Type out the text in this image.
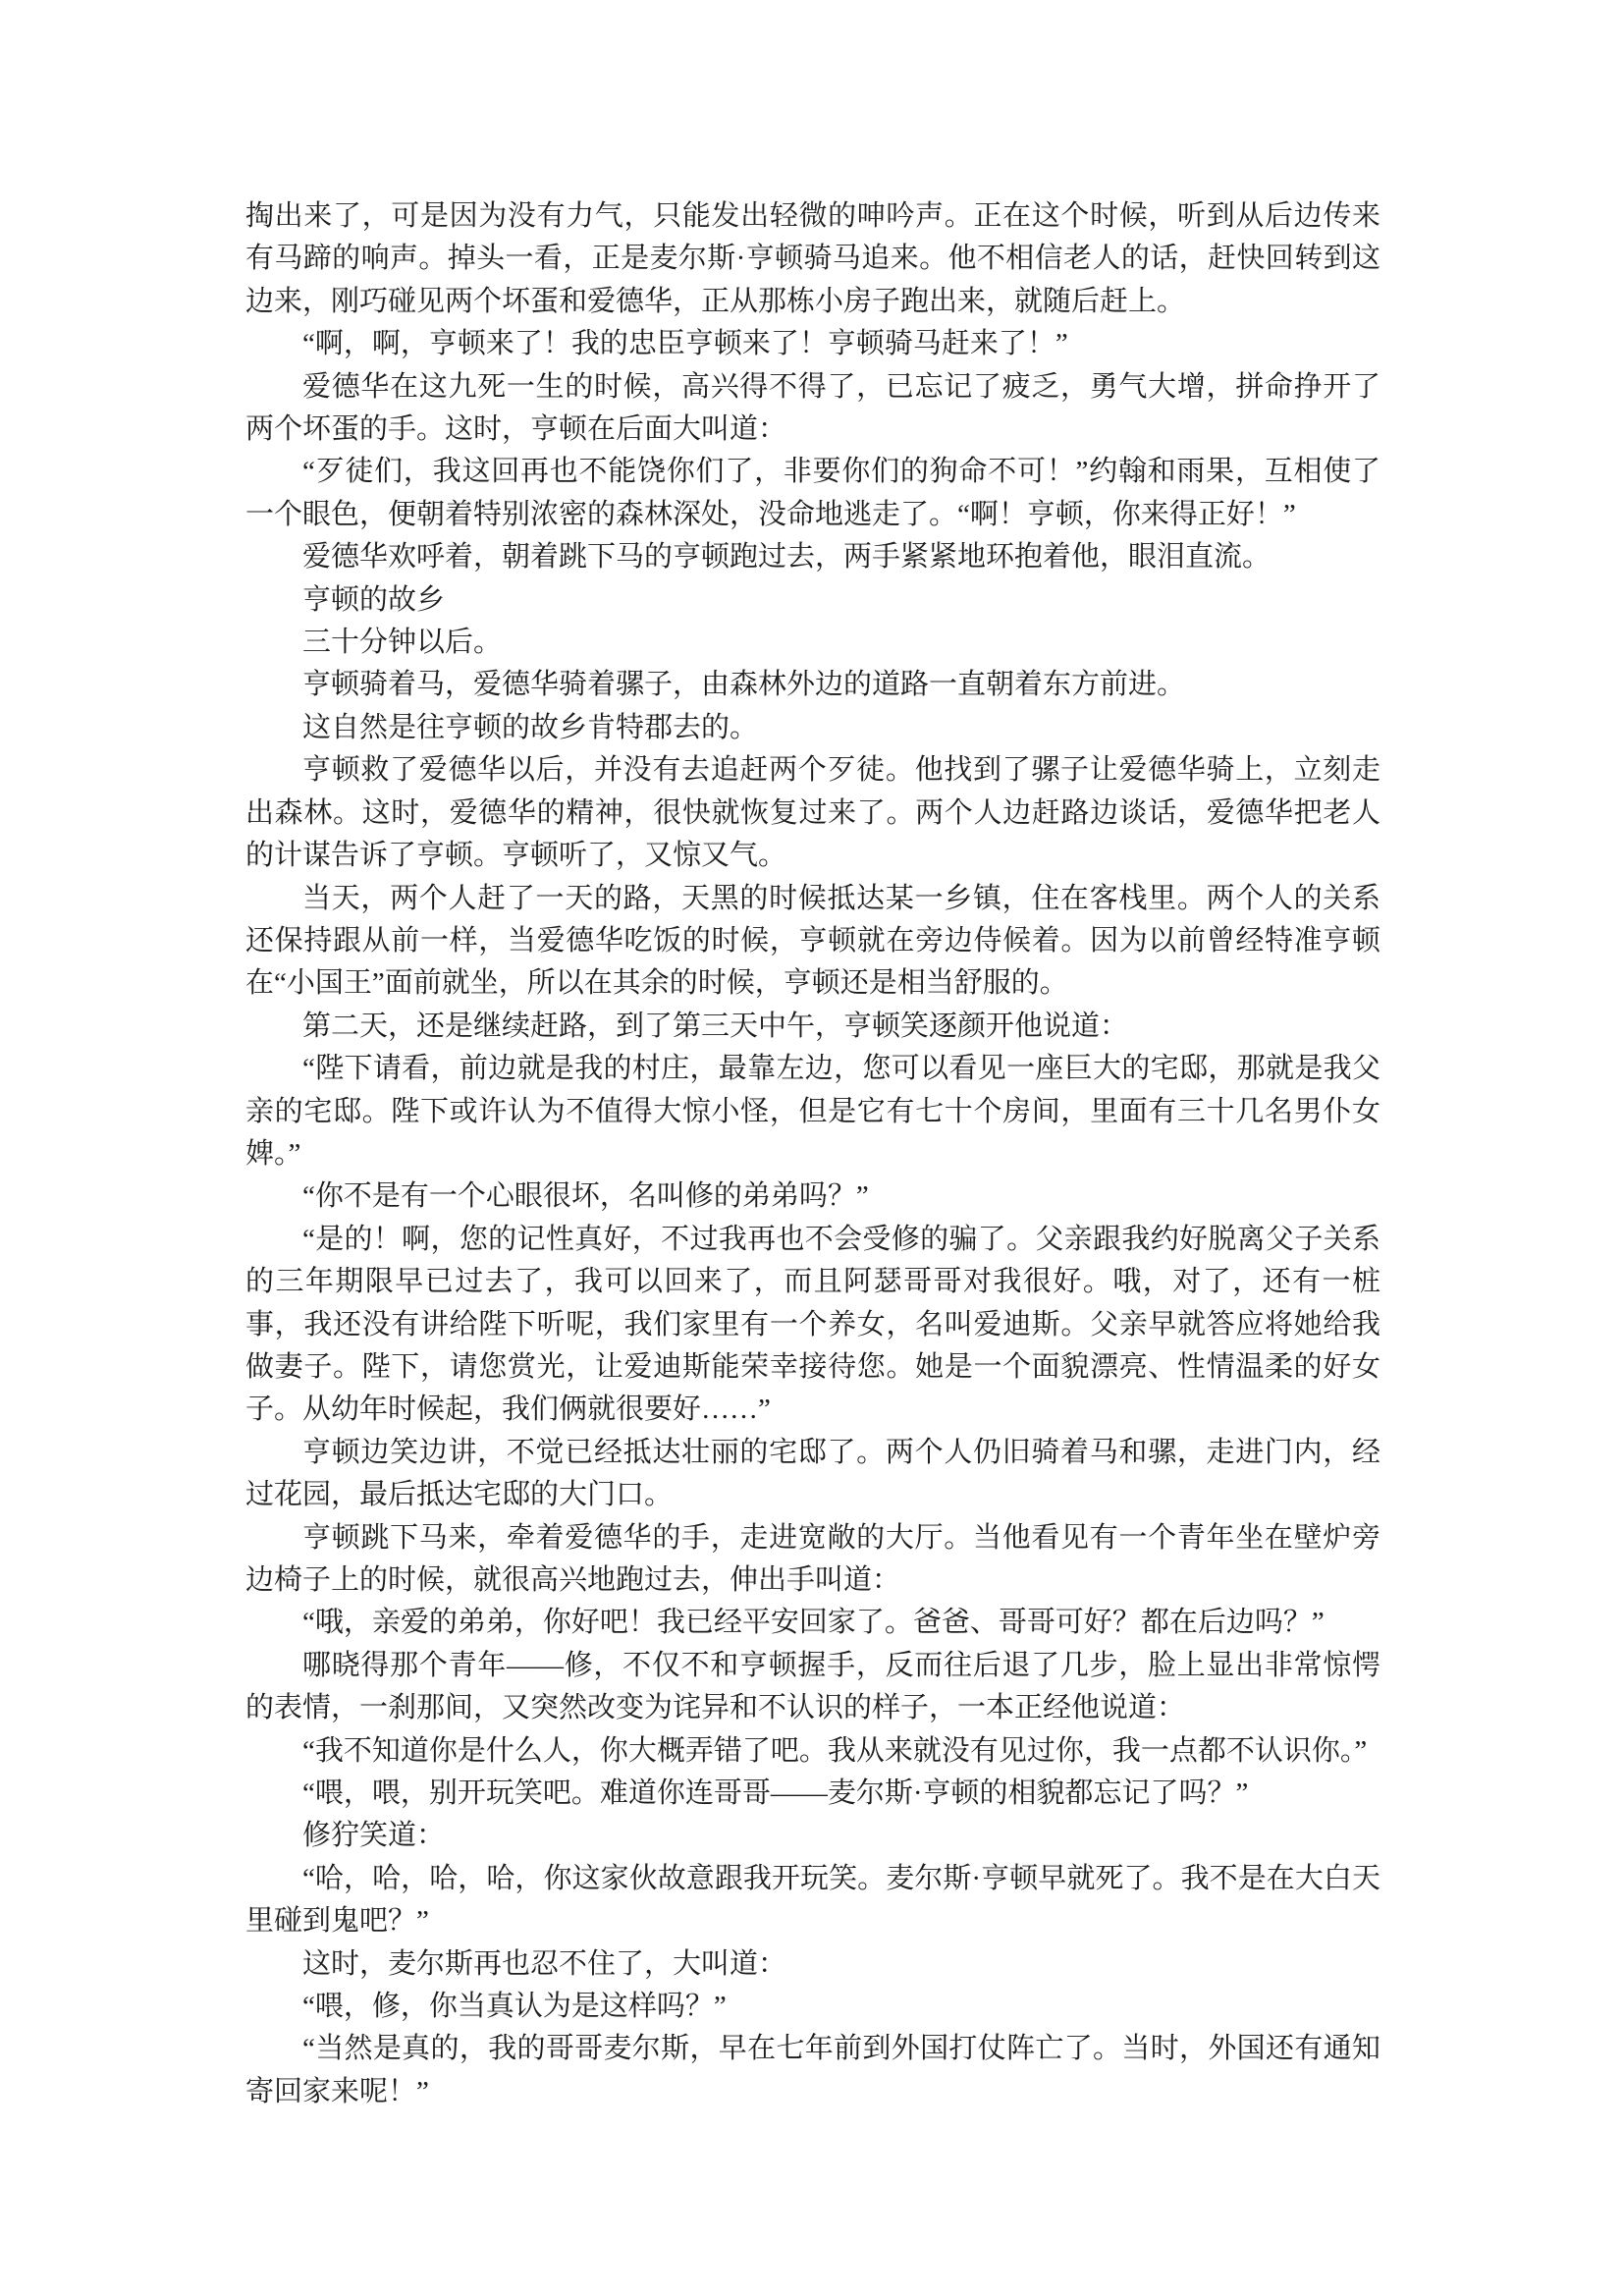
掏出来了，可是因为没有力气，只能发出轻微的呻吟声。正在这个时候，听到从后边传来有马蹄的响声。掉头一看，正是麦尔斯·亨顿骑马追来。他不相信老人的话，赶快回转到这边来，刚巧碰见两个坏蛋和爱德华，正从那栋小房子跑出来，就随后赶上。

“啊，啊，亨顿来了！我的忠臣亨顿来了！亨顿骑马赶来了！”

爱德华在这九死一生的时候，高兴得不得了，已忘记了疲乏，勇气大增，拼命挣开了两个坏蛋的手。这时，亨顿在后面大叫道：

“歹徒们，我这回再也不能饶你们了，非要你们的狗命不可！”约翰和雨果，互相使了一个眼色，便朝着特别浓密的森林深处，没命地逃走了。“啊！亨顿，你来得正好！”

爱德华欢呼着，朝着跳下马的亨顿跑过去，两手紧紧地环抱着他，眼泪直流。

亨顿的故乡

三十分钟以后。

亨顿骑着马，爱德华骑着骡子，由森林外边的道路一直朝着东方前进。

这自然是往亨顿的故乡肯特郡去的。

亨顿救了爱德华以后，并没有去追赶两个歹徒。他找到了骡子让爱德华骑上，立刻走出森林。这时，爱德华的精神，很快就恢复过来了。两个人边赶路边谈话，爱德华把老人的计谋告诉了亨顿。亨顿听了，又惊又气。

当天，两个人赶了一天的路，天黑的时候抵达某一乡镇，住在客栈里。两个人的关系还保持跟从前一样，当爱德华吃饭的时候，亨顿就在旁边侍候着。因为以前曾经特准亨顿在“小国王”面前就坐，所以在其余的时候，亨顿还是相当舒服的。

第二天，还是继续赶路，到了第三天中午，亨顿笑逐颜开他说道：

“陛下请看，前边就是我的村庄，最靠左边，您可以看见一座巨大的宅邸，那就是我父亲的宅邸。陛下或许认为不值得大惊小怪，但是它有七十个房间，里面有三十几名男仆女婢。”

“你不是有一个心眼很坏，名叫修的弟弟吗？”

“是的！啊，您的记性真好，不过我再也不会受修的骗了。父亲跟我约好脱离父子关系的三年期限早已过去了，我可以回来了，而且阿瑟哥哥对我很好。哦，对了，还有一桩事，我还没有讲给陛下听呢，我们家里有一个养女，名叫爱迪斯。父亲早就答应将她给我做妻子。陛下，请您赏光，让爱迪斯能荣幸接待您。她是一个面貌漂亮、性情温柔的好女子。从幼年时候起，我们俩就很要好……”

亨顿边笑边讲，不觉已经抵达壮丽的宅邸了。两个人仍旧骑着马和骡，走进门内，经过花园，最后抵达宅邸的大门口。

亨顿跳下马来，牵着爱德华的手，走进宽敞的大厅。当他看见有一个青年坐在壁炉旁边椅子上的时候，就很高兴地跑过去，伸出手叫道：

“哦，亲爱的弟弟，你好吧！我已经平安回家了。爸爸、哥哥可好？都在后边吗？”

哪晓得那个青年——修，不仅不和亨顿握手，反而往后退了几步，脸上显出非常惊愕的表情，一刹那间，又突然改变为诧异和不认识的样子，一本正经他说道：

“我不知道你是什么人，你大概弄错了吧。我从来就没有见过你，我一点都不认识你。”

“喂，喂，别开玩笑吧。难道你连哥哥——麦尔斯·亨顿的相貌都忘记了吗？”

修狞笑道：

“哈，哈，哈，哈，你这家伙故意跟我开玩笑。麦尔斯·亨顿早就死了。我不是在大白天里碰到鬼吧？”

这时，麦尔斯再也忍不住了，大叫道：

“喂，修，你当真认为是这样吗？”

“当然是真的，我的哥哥麦尔斯，早在七年前到外国打仗阵亡了。当时，外国还有通知寄回家来呢！”
